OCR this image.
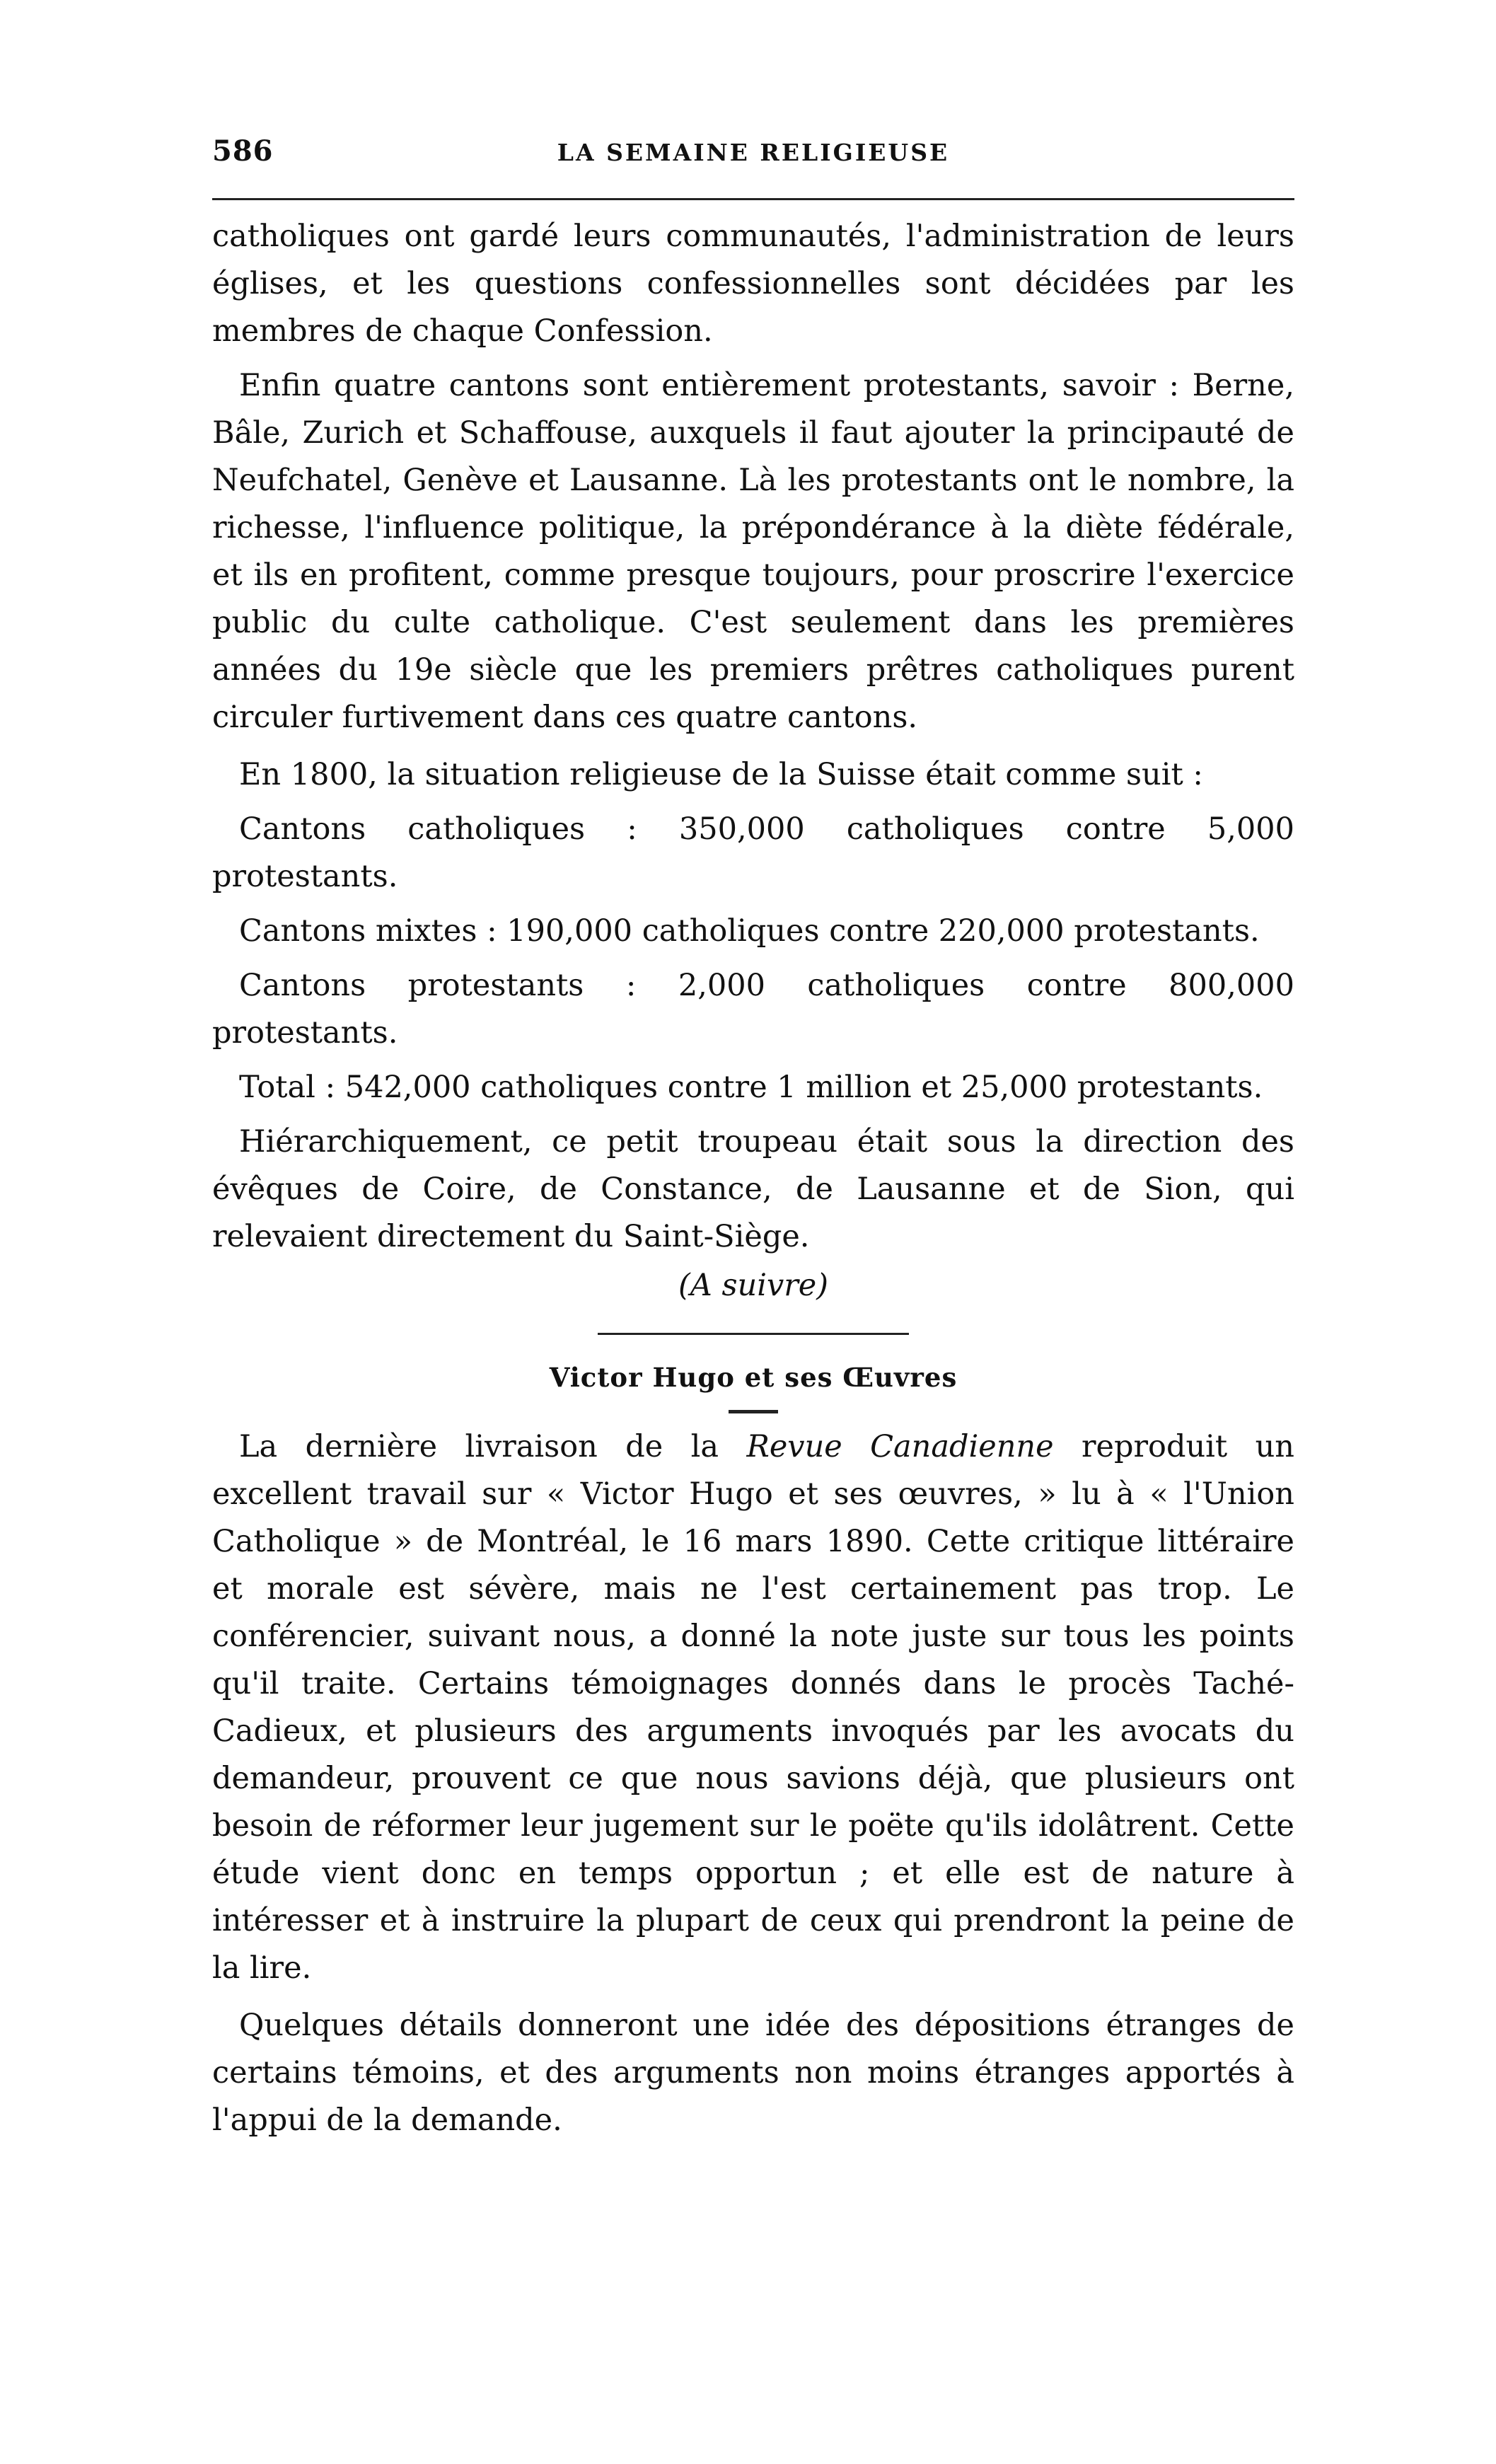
586	LA SEMAINE RELIGIEUSE

catholiques ont gardé leurs communautés, l'administration de leurs églises, et les questions confessionnelles sont décidées par les membres de chaque Confession.

Enfin quatre cantons sont entièrement protestants, savoir : Berne, Bâle, Zurich et Schaffouse, auxquels il faut ajouter la principauté de Neufchatel, Genève et Lausanne. Là les protestants ont le nombre, la richesse, l'influence politique, la prépondérance à la diète fédérale, et ils en profitent, comme presque toujours, pour proscrire l'exercice public du culte catholique. C'est seulement dans les premières années du 19e siècle que les premiers prêtres catholiques purent circuler furtivement dans ces quatre cantons.

En 1800, la situation religieuse de la Suisse était comme suit :

Cantons catholiques : 350,000 catholiques contre 5,000 protestants.

Cantons mixtes : 190,000 catholiques contre 220,000 protestants.

Cantons protestants : 2,000 catholiques contre 800,000 protestants.

Total : 542,000 catholiques contre 1 million et 25,000 protestants.

Hiérarchiquement, ce petit troupeau était sous la direction des évêques de Coire, de Constance, de Lausanne et de Sion, qui relevaient directement du Saint-Siège.

(A suivre)

Victor Hugo et ses Œuvres

La dernière livraison de la Revue Canadienne reproduit un excellent travail sur « Victor Hugo et ses œuvres, » lu à « l'Union Catholique » de Montréal, le 16 mars 1890. Cette critique littéraire et morale est sévère, mais ne l'est certainement pas trop. Le conférencier, suivant nous, a donné la note juste sur tous les points qu'il traite. Certains témoignages donnés dans le procès Taché-Cadieux, et plusieurs des arguments invoqués par les avocats du demandeur, prouvent ce que nous savions déjà, que plusieurs ont besoin de réformer leur jugement sur le poëte qu'ils idolâtrent. Cette étude vient donc en temps opportun ; et elle est de nature à intéresser et à instruire la plupart de ceux qui prendront la peine de la lire.

Quelques détails donneront une idée des dépositions étranges de certains témoins, et des arguments non moins étranges apportés à l'appui de la demande.
